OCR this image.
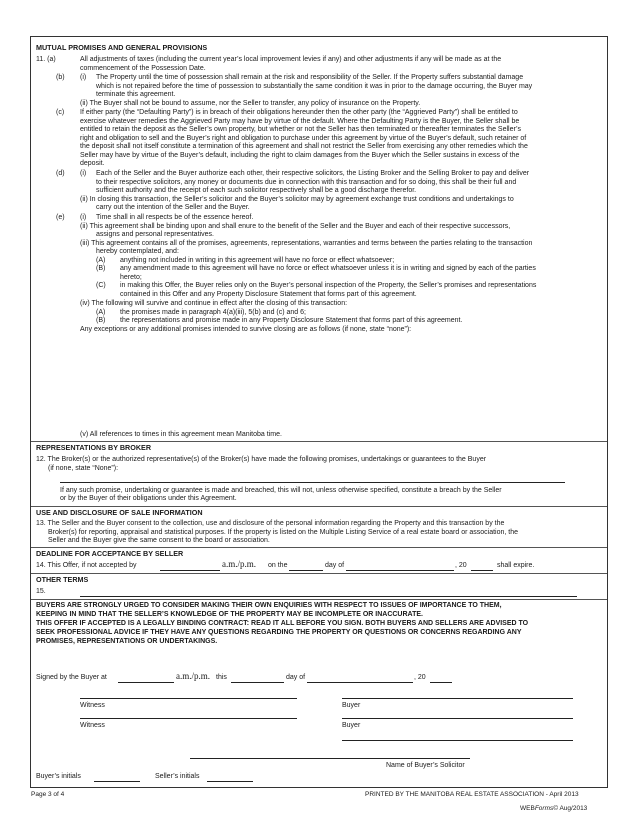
MUTUAL PROMISES AND GENERAL PROVISIONS
11. (a)	All adjustments of taxes (including the current year’s local improvement levies if any) and other adjustments if any will be made as at the
commencement of the Possession Date.
(b) (i) The Property until the time of possession shall remain at the risk and responsibility of the Seller. If the Property suffers substantial damage
which is not repaired before the time of possession to substantially the same condition it was in prior to the damage occurring, the Buyer may
terminate this agreement.
(ii) The Buyer shall not be bound to assume, nor the Seller to transfer, any policy of insurance on the Property.
(c) If either party (the “Defaulting Party”) is in breach of their obligations hereunder then the other party (the “Aggrieved Party”) shall be entitled to
exercise whatever remedies the Aggrieved Party may have by virtue of the default. Where the Defaulting Party is the Buyer, the Seller shall be
entitled to retain the deposit as the Seller’s own property, but whether or not the Seller has then terminated or thereafter terminates the Seller’s
right and obligation to sell and the Buyer’s right and obligation to purchase under this agreement by virtue of the Buyer’s default, such retainer of
the deposit shall not itself constitute a termination of this agreement and shall not restrict the Seller from exercising any other remedies which the
Seller may have by virtue of the Buyer’s default, including the right to claim damages from the Buyer which the Seller sustains in excess of the
deposit.
(d) (i) Each of the Seller and the Buyer authorize each other, their respective solicitors, the Listing Broker and the Selling Broker to pay and deliver
to their respective solicitors, any money or documents due in connection with this transaction and for so doing, this shall be their full and
sufficient authority and the receipt of each such solicitor respectively shall be a good discharge therefor.
(ii) In closing this transaction, the Seller’s solicitor and the Buyer’s solicitor may by agreement exchange trust conditions and undertakings to
carry out the intention of the Seller and the Buyer.
(e) (i) Time shall in all respects be of the essence hereof.
(ii) This agreement shall be binding upon and shall enure to the benefit of the Seller and the Buyer and each of their respective successors,
assigns and personal representatives.
(iii) This agreement contains all of the promises, agreements, representations, warranties and terms between the parties relating to the transaction
hereby contemplated, and:
(A) anything not included in writing in this agreement will have no force or effect whatsoever;
(B) any amendment made to this agreement will have no force or effect whatsoever unless it is in writing and signed by each of the parties
hereto;
(C) in making this Offer, the Buyer relies only on the Buyer’s personal inspection of the Property, the Seller’s promises and representations
contained in this Offer and any Property Disclosure Statement that forms part of this agreement.
(iv) The following will survive and continue in effect after the closing of this transaction:
(A) the promises made in paragraph 4(a)(iii), 5(b) and (c) and 6;
(B) the representations and promise made in any Property Disclosure Statement that forms part of this agreement.
Any exceptions or any additional promises intended to survive closing are as follows (if none, state “none”):
(v) All references to times in this agreement mean Manitoba time.
REPRESENTATIONS BY BROKER
12. The Broker(s) or the authorized representative(s) of the Broker(s) have made the following promises, undertakings or guarantees to the Buyer
(if none, state “None”):
If any such promise, undertaking or guarantee is made and breached, this will not, unless otherwise specified, constitute a breach by the Seller
or by the Buyer of their obligations under this Agreement.
USE AND DISCLOSURE OF SALE INFORMATION
13. The Seller and the Buyer consent to the collection, use and disclosure of the personal information regarding the Property and this transaction by the
Broker(s) for reporting, appraisal and statistical purposes. If the property is listed on the Multiple Listing Service of a real estate board or association, the
Seller and the Buyer give the same consent to the board or association.
DEADLINE FOR ACCEPTANCE BY SELLER
14. This Offer, if not accepted by	a.m./p.m. on the	day of	, 20	shall expire.
OTHER TERMS
15.
BUYERS ARE STRONGLY URGED TO CONSIDER MAKING THEIR OWN ENQUIRIES WITH RESPECT TO ISSUES OF IMPORTANCE TO THEM,
KEEPING IN MIND THAT THE SELLER’S KNOWLEDGE OF THE PROPERTY MAY BE INCOMPLETE OR INACCURATE.
THIS OFFER IF ACCEPTED IS A LEGALLY BINDING CONTRACT: READ IT ALL BEFORE YOU SIGN. BOTH BUYERS AND SELLERS ARE ADVISED TO
SEEK PROFESSIONAL ADVICE IF THEY HAVE ANY QUESTIONS REGARDING THE PROPERTY OR QUESTIONS OR CONCERNS REGARDING ANY
PROMISES, REPRESENTATIONS OR UNDERTAKINGS.
Signed by the Buyer at	a.m./p.m. this	day of	, 20
Witness	Buyer
Witness	Buyer
Name of Buyer’s Solicitor
Buyer’s initials	Seller’s initials
Page 3 of 4	PRINTED BY THE MANITOBA REAL ESTATE ASSOCIATION - April 2013
WEBForms© Aug/2013
